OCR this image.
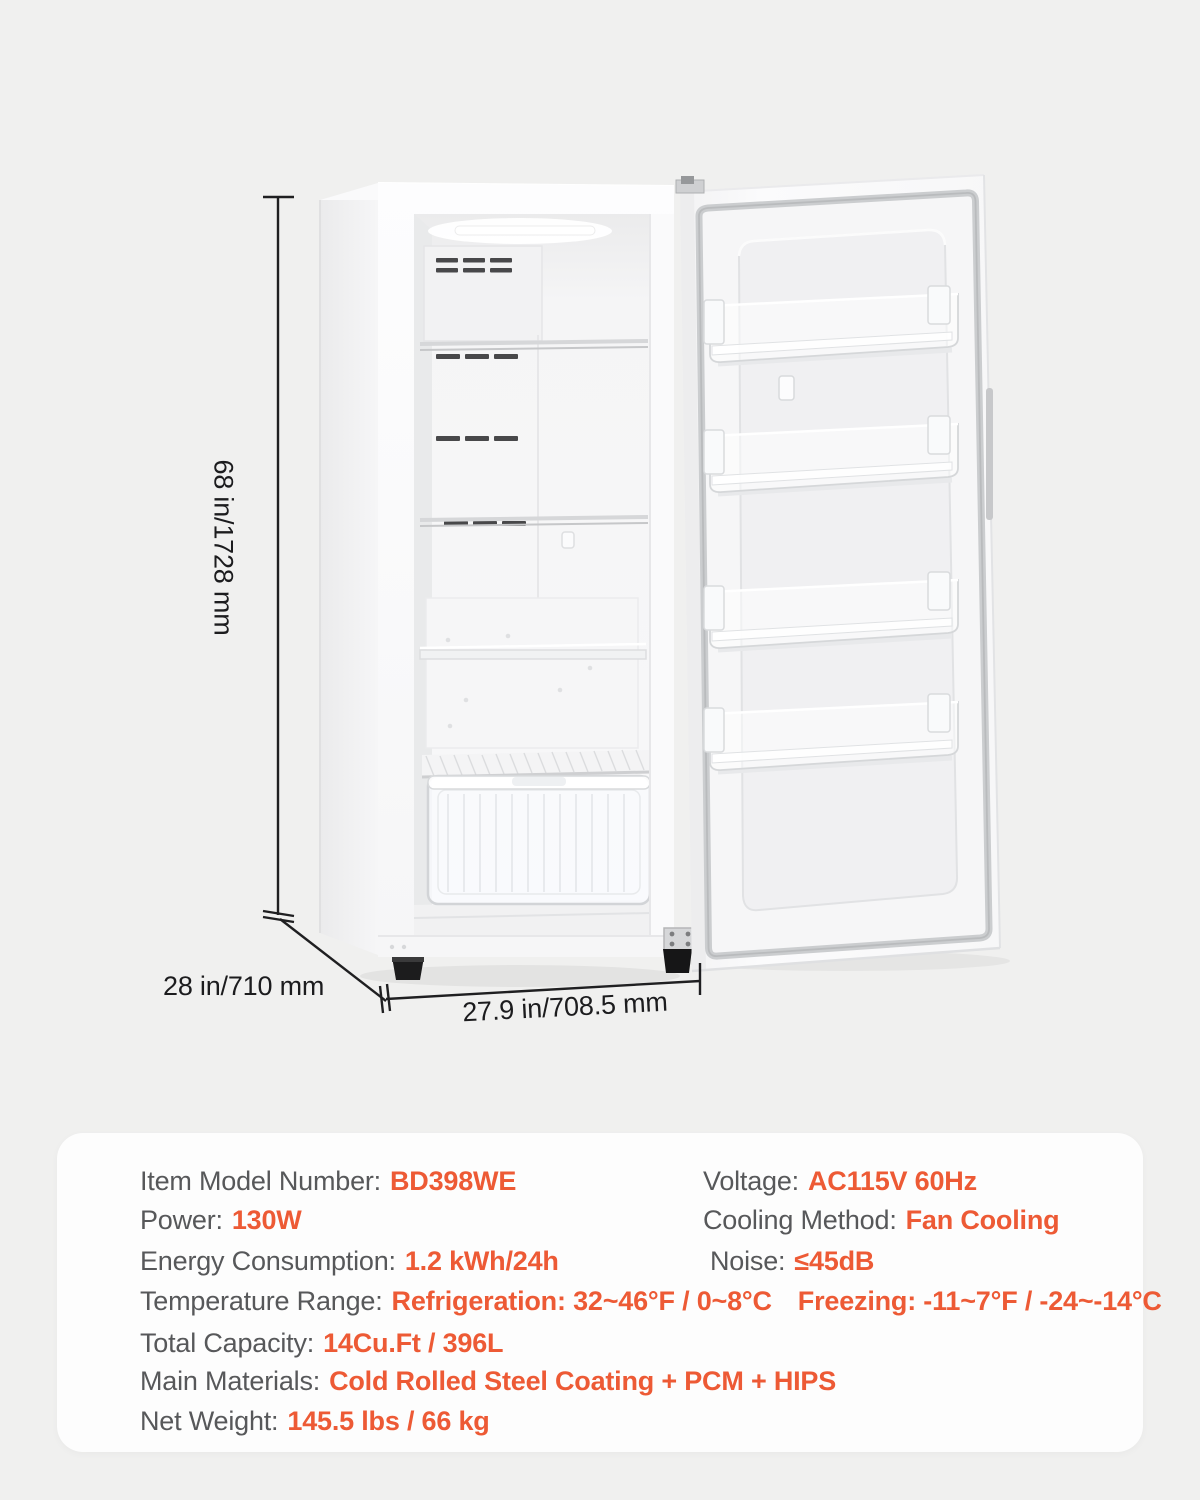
68 in/1728 mm
28 in/710 mm
27.9 in/708.5 mm
Item Model Number: BD398WE	Voltage: AC115V 60Hz
Power: 130W	Cooling Method: Fan Cooling
Energy Consumption: 1.2 kWh/24h	Noise: ≤45dB
Temperature Range: Refrigeration: 32~46°F / 0~8°C Freezing: -11~7°F / -24~-14°C
Total Capacity: 14Cu.Ft / 396L
Main Materials: Cold Rolled Steel Coating + PCM + HIPS
Net Weight: 145.5 lbs / 66 kg
